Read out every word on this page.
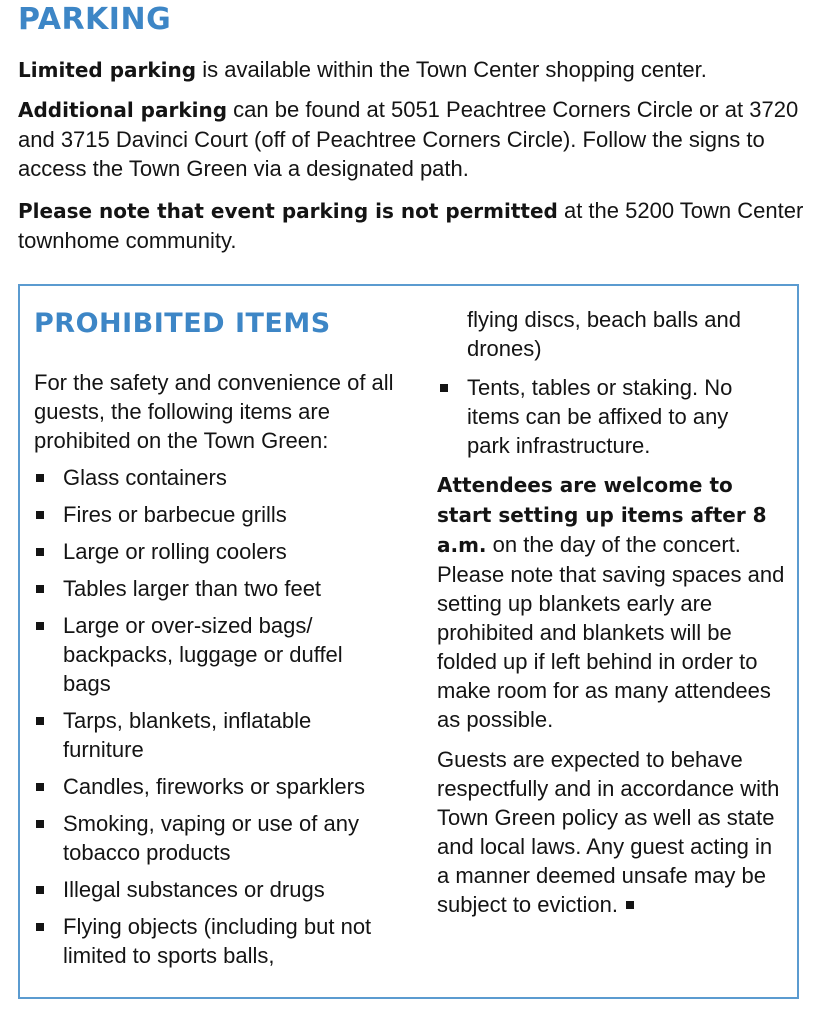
PARKING

Limited parking is available within the Town Center shopping center.

Additional parking can be found at 5051 Peachtree Corners Circle or at 3720 and 3715 Davinci Court (off of Peachtree Corners Circle). Follow the signs to access the Town Green via a designated path.

Please note that event parking is not permitted at the 5200 Town Center townhome community.

PROHIBITED ITEMS

For the safety and convenience of all guests, the following items are prohibited on the Town Green:

Glass containers
Fires or barbecue grills
Large or rolling coolers
Tables larger than two feet
Large or over-sized bags/ backpacks, luggage or duffel bags
Tarps, blankets, inflatable furniture
Candles, fireworks or sparklers
Smoking, vaping or use of any tobacco products
Illegal substances or drugs
Flying objects (including but not limited to sports balls,
flying discs, beach balls and drones)
Tents, tables or staking. No items can be affixed to any park infrastructure.

Attendees are welcome to start setting up items after 8 a.m. on the day of the concert. Please note that saving spaces and setting up blankets early are prohibited and blankets will be folded up if left behind in order to make room for as many attendees as possible.

Guests are expected to behave respectfully and in accordance with Town Green policy as well as state and local laws. Any guest acting in a manner deemed unsafe may be subject to eviction.
